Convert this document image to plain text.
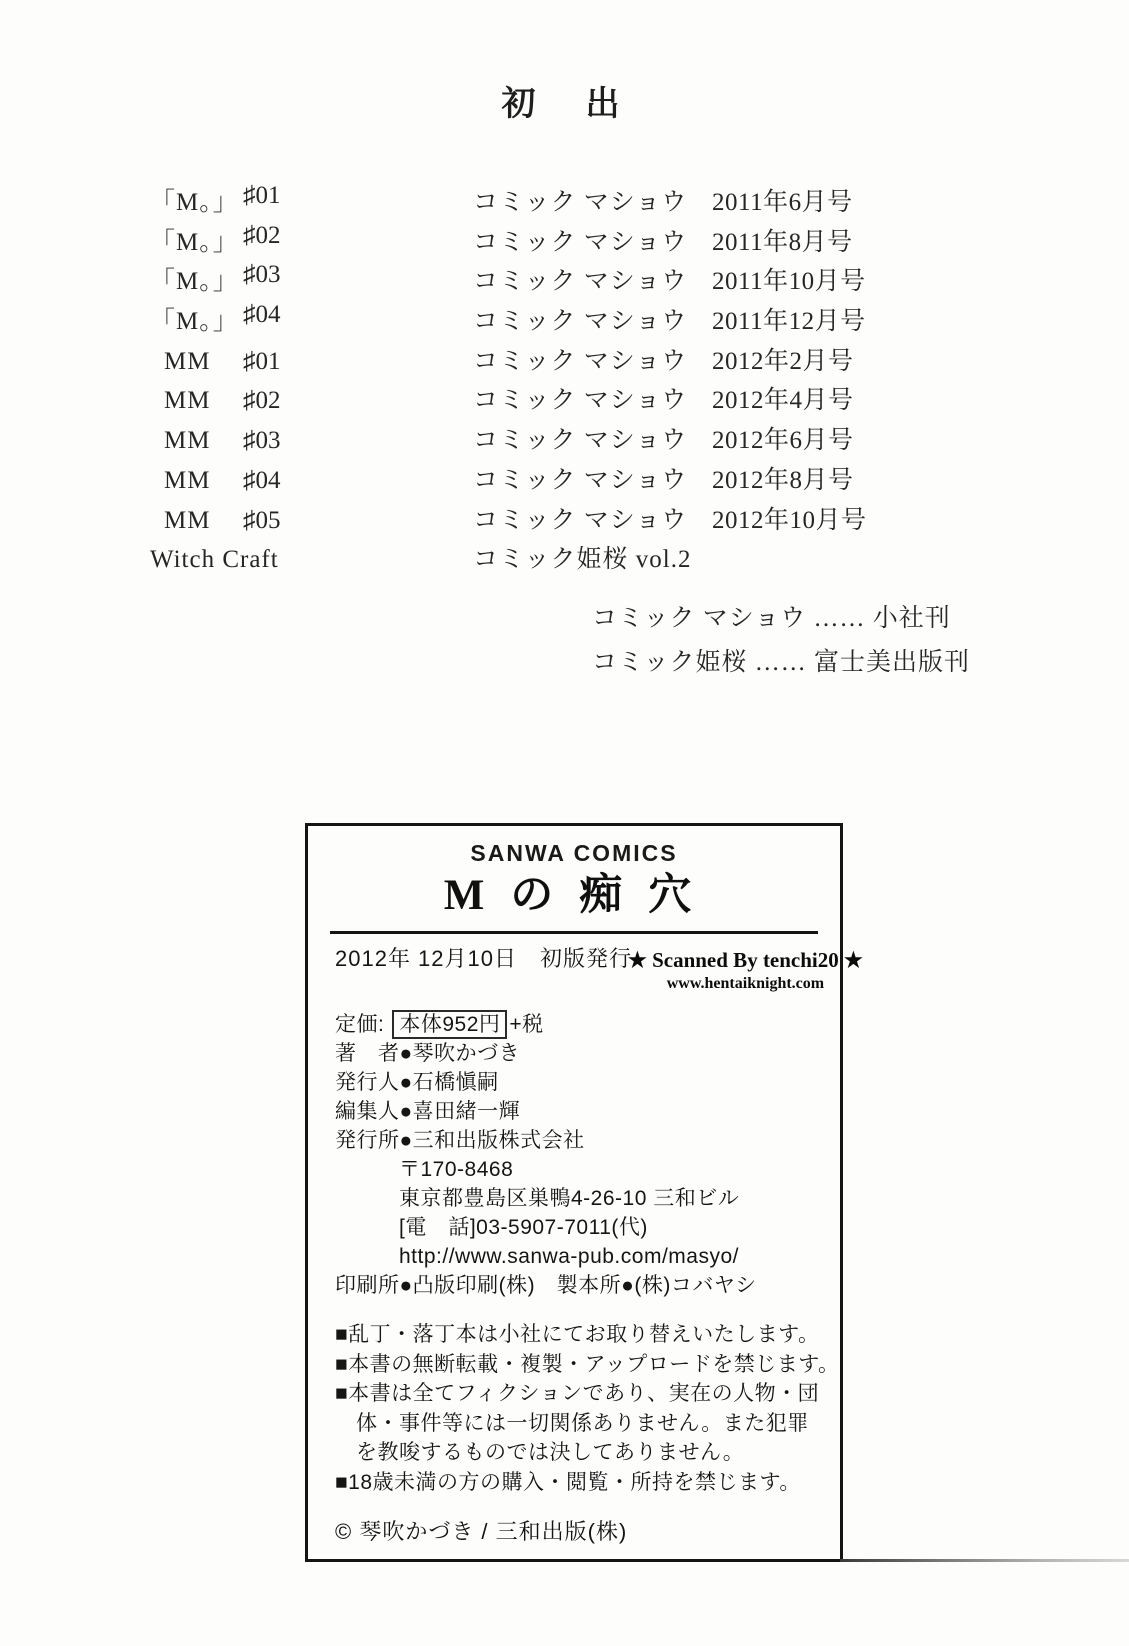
初　出
「M。」 ♯01	コミック マショウ 2011年6月号
「M。」 ♯02	コミック マショウ 2011年8月号
「M。」 ♯03	コミック マショウ 2011年10月号
「M。」 ♯04	コミック マショウ 2011年12月号
MM	♯01	コミック マショウ 2012年2月号
MM	♯02	コミック マショウ 2012年4月号
MM	♯03	コミック マショウ 2012年6月号
MM	♯04	コミック マショウ 2012年8月号
MM	♯05	コミック マショウ 2012年10月号
Witch Craft	コミック姫桜 vol.2
コミック マショウ …… 小社刊
コミック姫桜 …… 富士美出版刊
SANWA COMICS
Mの痴穴
2012年 12月10日　初版発行
★ Scanned By tenchi20 ★
www.hentaiknight.com
定価: 本体952円 +税
著　者●琴吹かづき
発行人●石橋愼嗣
編集人●喜田緒一輝
発行所●三和出版株式会社
〒170-8468
東京都豊島区巣鴨4-26-10 三和ビル
[電　話]03-5907-7011(代)
http://www.sanwa-pub.com/masyo/
印刷所●凸版印刷(株)　製本所●(株)コバヤシ
■乱丁・落丁本は小社にてお取り替えいたします。
■本書の無断転載・複製・アップロードを禁じます。
■本書は全てフィクションであり、実在の人物・団
体・事件等には一切関係ありません。また犯罪
を教唆するものでは決してありません。
■18歳未満の方の購入・閲覧・所持を禁じます。
© 琴吹かづき / 三和出版(株)
